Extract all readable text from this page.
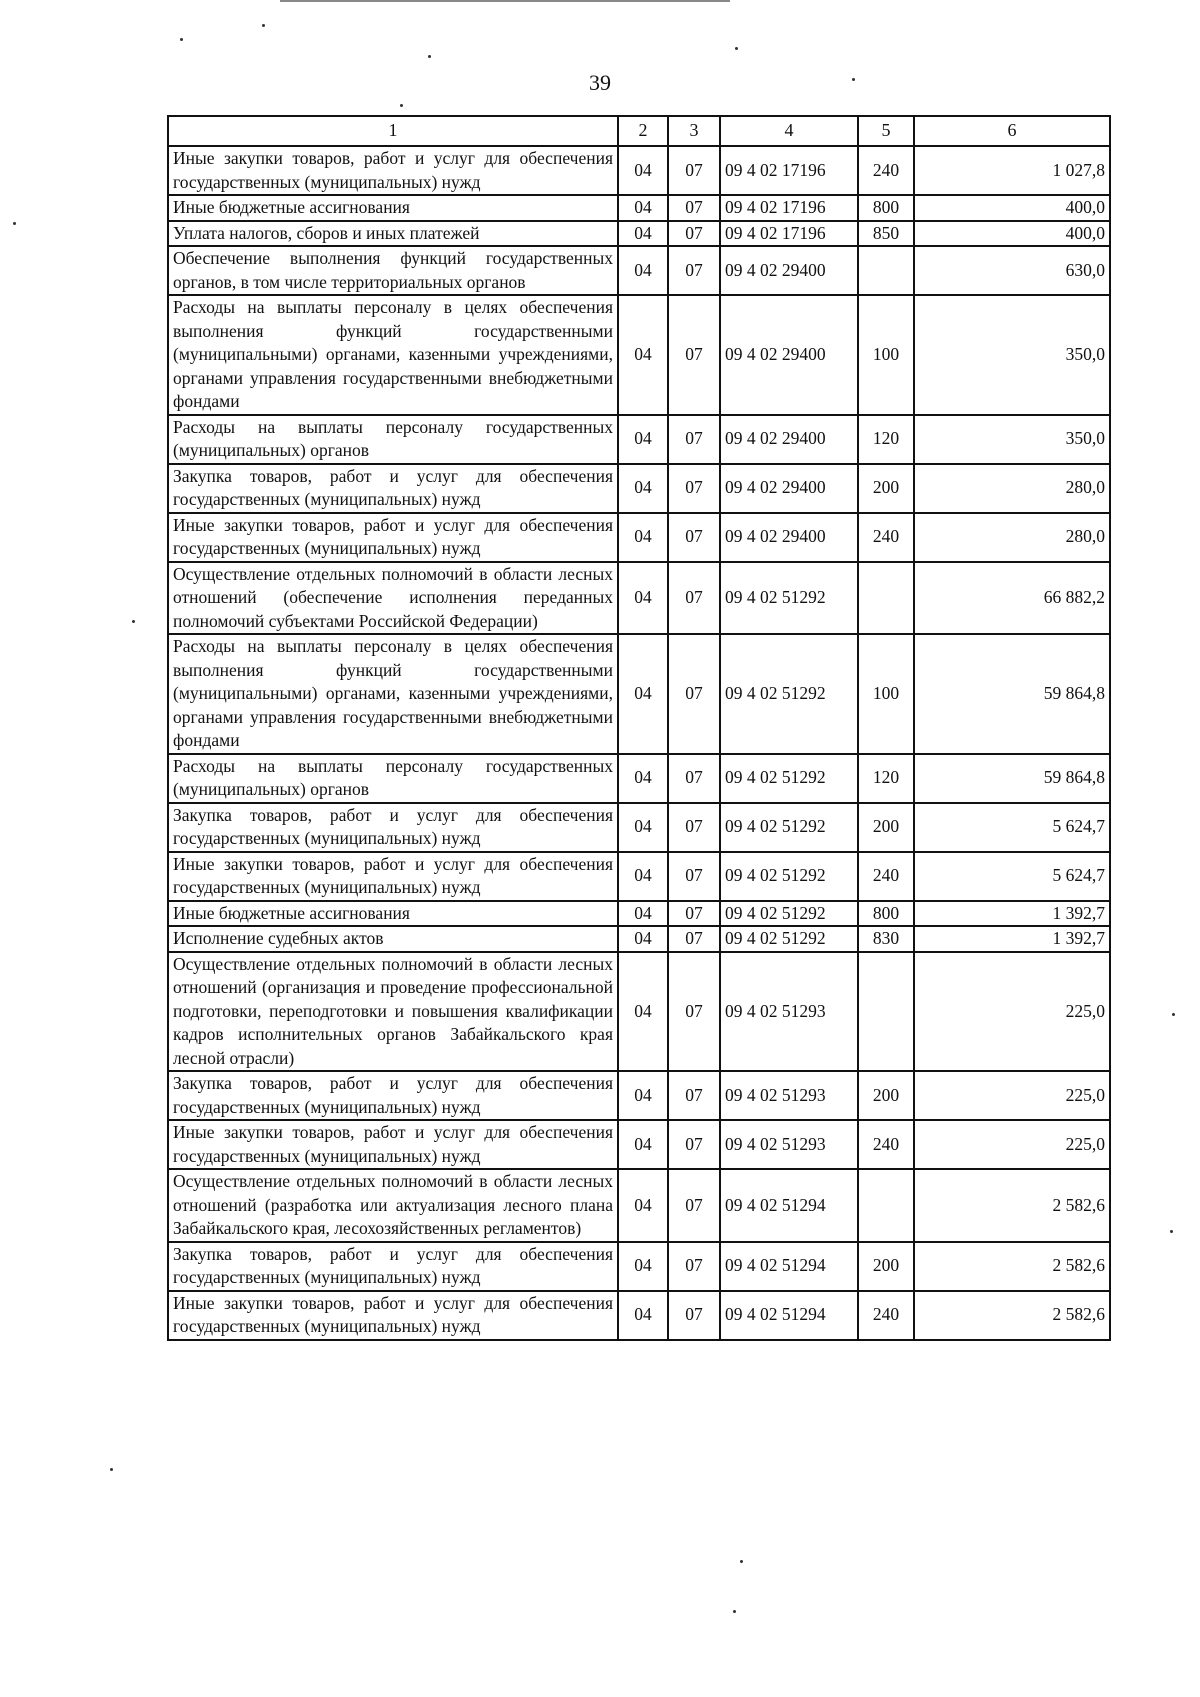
39
1	2	3	4	5	6
Иные закупки товаров, работ и услуг для обеспечения государственных (муниципальных) нужд	04	07	09 4 02 17196	240	1 027,8
Иные бюджетные ассигнования	04	07	09 4 02 17196	800	400,0
Уплата налогов, сборов и иных платежей	04	07	09 4 02 17196	850	400,0
Обеспечение выполнения функций государственных органов, в том числе территориальных органов	04	07	09 4 02 29400		630,0
Расходы на выплаты персоналу в целях обеспечения выполнения функций государственными (муниципальными) органами, казенными учреждениями, органами управления государственными внебюджетными фондами	04	07	09 4 02 29400	100	350,0
Расходы на выплаты персоналу государственных (муниципальных) органов	04	07	09 4 02 29400	120	350,0
Закупка товаров, работ и услуг для обеспечения государственных (муниципальных) нужд	04	07	09 4 02 29400	200	280,0
Иные закупки товаров, работ и услуг для обеспечения государственных (муниципальных) нужд	04	07	09 4 02 29400	240	280,0
Осуществление отдельных полномочий в области лесных отношений (обеспечение исполнения переданных полномочий субъектами Российской Федерации)	04	07	09 4 02 51292		66 882,2
Расходы на выплаты персоналу в целях обеспечения выполнения функций государственными (муниципальными) органами, казенными учреждениями, органами управления государственными внебюджетными фондами	04	07	09 4 02 51292	100	59 864,8
Расходы на выплаты персоналу государственных (муниципальных) органов	04	07	09 4 02 51292	120	59 864,8
Закупка товаров, работ и услуг для обеспечения государственных (муниципальных) нужд	04	07	09 4 02 51292	200	5 624,7
Иные закупки товаров, работ и услуг для обеспечения государственных (муниципальных) нужд	04	07	09 4 02 51292	240	5 624,7
Иные бюджетные ассигнования	04	07	09 4 02 51292	800	1 392,7
Исполнение судебных актов	04	07	09 4 02 51292	830	1 392,7
Осуществление отдельных полномочий в области лесных отношений (организация и проведение профессиональной подготовки, переподготовки и повышения квалификации кадров исполнительных органов Забайкальского края лесной отрасли)	04	07	09 4 02 51293		225,0
Закупка товаров, работ и услуг для обеспечения государственных (муниципальных) нужд	04	07	09 4 02 51293	200	225,0
Иные закупки товаров, работ и услуг для обеспечения государственных (муниципальных) нужд	04	07	09 4 02 51293	240	225,0
Осуществление отдельных полномочий в области лесных отношений (разработка или актуализация лесного плана Забайкальского края, лесохозяйственных регламентов)	04	07	09 4 02 51294		2 582,6
Закупка товаров, работ и услуг для обеспечения государственных (муниципальных) нужд	04	07	09 4 02 51294	200	2 582,6
Иные закупки товаров, работ и услуг для обеспечения государственных (муниципальных) нужд	04	07	09 4 02 51294	240	2 582,6
